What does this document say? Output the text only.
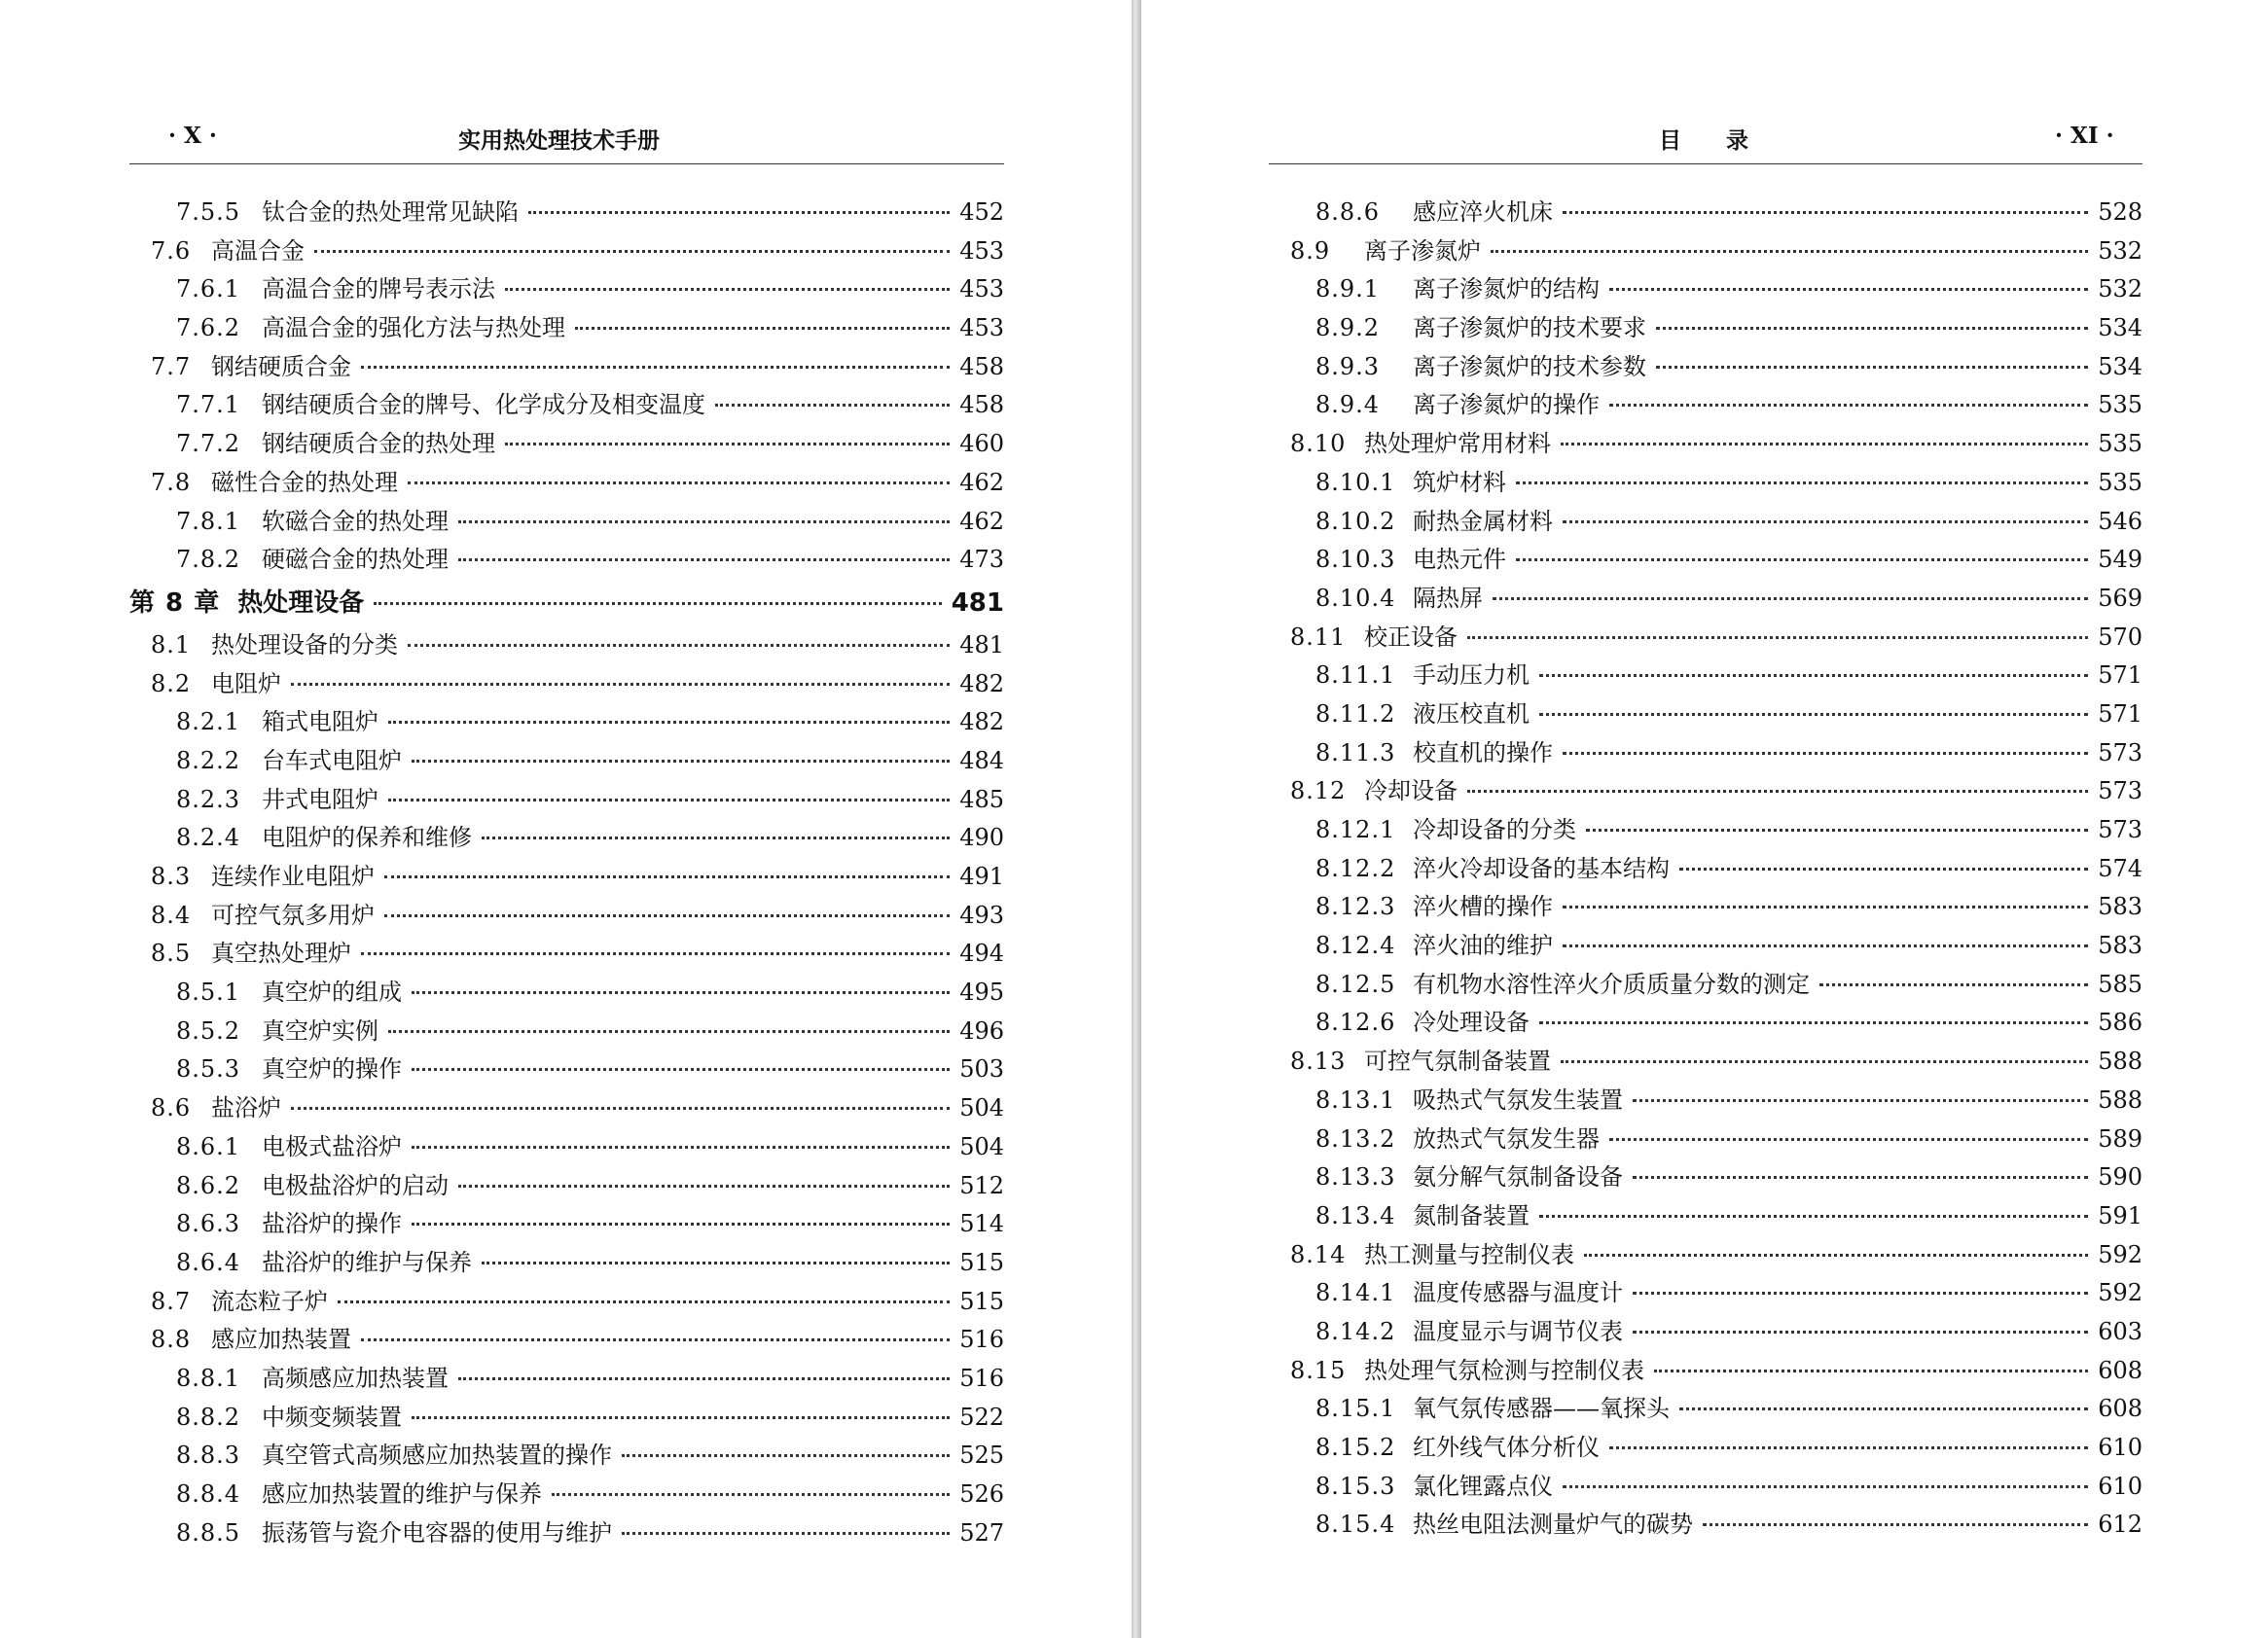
· X ·	实用热处理技术手册
7.5.5 钛合金的热处理常见缺陷	452
7.6 高温合金	453
7.6.1 高温合金的牌号表示法	453
7.6.2 高温合金的强化方法与热处理	453
7.7 钢结硬质合金	458
7.7.1 钢结硬质合金的牌号、化学成分及相变温度	458
7.7.2 钢结硬质合金的热处理	460
7.8 磁性合金的热处理	462
7.8.1 软磁合金的热处理	462
7.8.2 硬磁合金的热处理	473
第 8 章 热处理设备	481
8.1 热处理设备的分类	481
8.2 电阻炉	482
8.2.1 箱式电阻炉	482
8.2.2 台车式电阻炉	484
8.2.3 井式电阻炉	485
8.2.4 电阻炉的保养和维修	490
8.3 连续作业电阻炉	491
8.4 可控气氛多用炉	493
8.5 真空热处理炉	494
8.5.1 真空炉的组成	495
8.5.2 真空炉实例	496
8.5.3 真空炉的操作	503
8.6 盐浴炉	504
8.6.1 电极式盐浴炉	504
8.6.2 电极盐浴炉的启动	512
8.6.3 盐浴炉的操作	514
8.6.4 盐浴炉的维护与保养	515
8.7 流态粒子炉	515
8.8 感应加热装置	516
8.8.1 高频感应加热装置	516
8.8.2 中频变频装置	522
8.8.3 真空管式高频感应加热装置的操作	525
8.8.4 感应加热装置的维护与保养	526
8.8.5 振荡管与瓷介电容器的使用与维护	527
目　　录	· XI ·
8.8.6	感应淬火机床	528
8.9	离子渗氮炉	532
8.9.1	离子渗氮炉的结构	532
8.9.2	离子渗氮炉的技术要求	534
8.9.3	离子渗氮炉的技术参数	534
8.9.4	离子渗氮炉的操作	535
8.10 热处理炉常用材料	535
8.10.1 筑炉材料	535
8.10.2 耐热金属材料	546
8.10.3 电热元件	549
8.10.4 隔热屏	569
8.11 校正设备	570
8.11.1 手动压力机	571
8.11.2 液压校直机	571
8.11.3 校直机的操作	573
8.12 冷却设备	573
8.12.1 冷却设备的分类	573
8.12.2 淬火冷却设备的基本结构	574
8.12.3 淬火槽的操作	583
8.12.4 淬火油的维护	583
8.12.5 有机物水溶性淬火介质质量分数的测定	585
8.12.6 冷处理设备	586
8.13 可控气氛制备装置	588
8.13.1 吸热式气氛发生装置	588
8.13.2 放热式气氛发生器	589
8.13.3 氨分解气氛制备设备	590
8.13.4 氮制备装置	591
8.14 热工测量与控制仪表	592
8.14.1 温度传感器与温度计	592
8.14.2 温度显示与调节仪表	603
8.15 热处理气氛检测与控制仪表	608
8.15.1 氧气氛传感器——氧探头	608
8.15.2 红外线气体分析仪	610
8.15.3 氯化锂露点仪	610
8.15.4 热丝电阻法测量炉气的碳势	612
